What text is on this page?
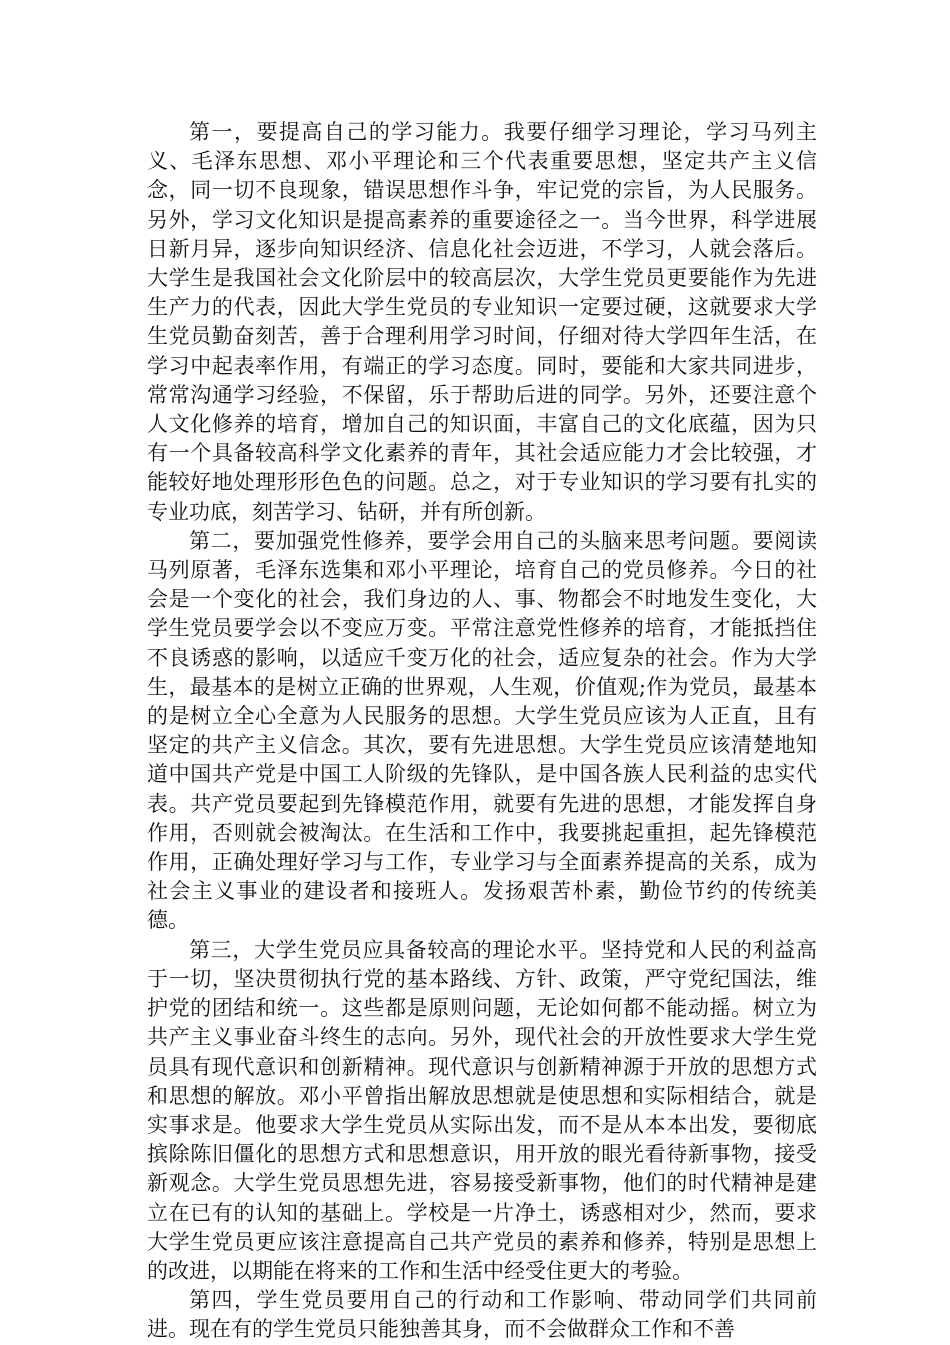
第一，要提高自己的学习能力。我要仔细学习理论，学习马列主义、毛泽东思想、邓小平理论和三个代表重要思想，坚定共产主义信念，同一切不良现象，错误思想作斗争，牢记党的宗旨，为人民服务。另外，学习文化知识是提高素养的重要途径之一。当今世界，科学进展日新月异，逐步向知识经济、信息化社会迈进，不学习，人就会落后。大学生是我国社会文化阶层中的较高层次，大学生党员更要能作为先进生产力的代表，因此大学生党员的专业知识一定要过硬，这就要求大学生党员勤奋刻苦，善于合理利用学习时间，仔细对待大学四年生活，在学习中起表率作用，有端正的学习态度。同时，要能和大家共同进步，常常沟通学习经验，不保留，乐于帮助后进的同学。另外，还要注意个人文化修养的培育，增加自己的知识面，丰富自己的文化底蕴，因为只有一个具备较高科学文化素养的青年，其社会适应能力才会比较强，才能较好地处理形形色色的问题。总之，对于专业知识的学习要有扎实的专业功底，刻苦学习、钻研，并有所创新。

第二，要加强党性修养，要学会用自己的头脑来思考问题。要阅读马列原著，毛泽东选集和邓小平理论，培育自己的党员修养。今日的社会是一个变化的社会，我们身边的人、事、物都会不时地发生变化，大学生党员要学会以不变应万变。平常注意党性修养的培育，才能抵挡住不良诱惑的影响，以适应千变万化的社会，适应复杂的社会。作为大学生，最基本的是树立正确的世界观，人生观，价值观;作为党员，最基本的是树立全心全意为人民服务的思想。大学生党员应该为人正直，且有坚定的共产主义信念。其次，要有先进思想。大学生党员应该清楚地知道中国共产党是中国工人阶级的先锋队，是中国各族人民利益的忠实代表。共产党员要起到先锋模范作用，就要有先进的思想，才能发挥自身作用，否则就会被淘汰。在生活和工作中，我要挑起重担，起先锋模范作用，正确处理好学习与工作，专业学习与全面素养提高的关系，成为社会主义事业的建设者和接班人。发扬艰苦朴素，勤俭节约的传统美德。

第三，大学生党员应具备较高的理论水平。坚持党和人民的利益高于一切，坚决贯彻执行党的基本路线、方针、政策，严守党纪国法，维护党的团结和统一。这些都是原则问题，无论如何都不能动摇。树立为共产主义事业奋斗终生的志向。另外，现代社会的开放性要求大学生党员具有现代意识和创新精神。现代意识与创新精神源于开放的思想方式和思想的解放。邓小平曾指出解放思想就是使思想和实际相结合，就是实事求是。他要求大学生党员从实际出发，而不是从本本出发，要彻底摈除陈旧僵化的思想方式和思想意识，用开放的眼光看待新事物，接受新观念。大学生党员思想先进，容易接受新事物，他们的时代精神是建立在已有的认知的基础上。学校是一片净土，诱惑相对少，然而，要求大学生党员更应该注意提高自己共产党员的素养和修养，特别是思想上的改进，以期能在将来的工作和生活中经受住更大的考验。

第四，学生党员要用自己的行动和工作影响、带动同学们共同前进。现在有的学生党员只能独善其身，而不会做群众工作和不善
